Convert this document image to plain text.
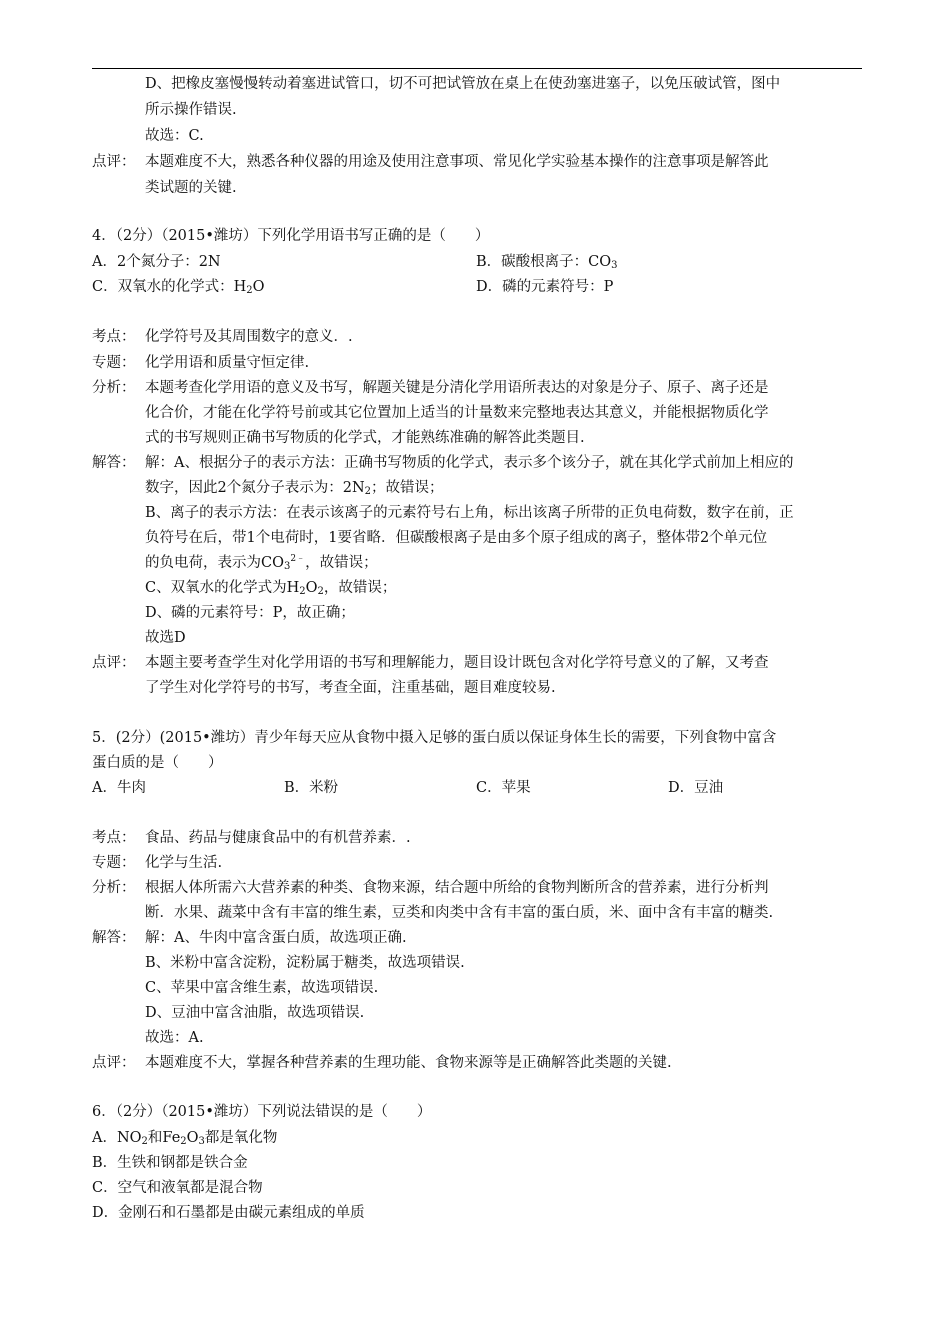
D、把橡皮塞慢慢转动着塞进试管口，切不可把试管放在桌上在使劲塞进塞子，以免压破试管，图中
所示操作错误.
故选：C.
点评： 本题难度不大，熟悉各种仪器的用途及使用注意事项、常见化学实验基本操作的注意事项是解答此
类试题的关键.
4．（2分）（2015•潍坊）下列化学用语书写正确的是（　　）
A．2个氮分子：2N	B．碳酸根离子：$CO_3$
C．双氧水的化学式：$H_2O$	D．磷的元素符号：P
考点： 化学符号及其周围数字的意义．.
专题： 化学用语和质量守恒定律.
分析： 本题考查化学用语的意义及书写，解题关键是分清化学用语所表达的对象是分子、原子、离子还是
化合价，才能在化学符号前或其它位置加上适当的计量数来完整地表达其意义，并能根据物质化学
式的书写规则正确书写物质的化学式，才能熟练准确的解答此类题目.
解答： 解：A、根据分子的表示方法：正确书写物质的化学式，表示多个该分子，就在其化学式前加上相应的
数字，因此2个氮分子表示为：$2N_2$；故错误；
B、离子的表示方法：在表示该离子的元素符号右上角，标出该离子所带的正负电荷数，数字在前，正
负符号在后，带1个电荷时，1要省略．但碳酸根离子是由多个原子组成的离子，整体带2个单元位
的负电荷，表示为$CO_3^{2﹣}$，故错误；
C、双氧水的化学式为$H_2O_2$，故错误；
D、磷的元素符号：P，故正确；
故选D
点评： 本题主要考查学生对化学用语的书写和理解能力，题目设计既包含对化学符号意义的了解，又考查
了学生对化学符号的书写，考查全面，注重基础，题目难度较易.
5．(2分）(2015•潍坊）青少年每天应从食物中摄入足够的蛋白质以保证身体生长的需要，下列食物中富含
蛋白质的是（　　）
A．牛肉	B．米粉	C．苹果	D．豆油
考点： 食品、药品与健康食品中的有机营养素．.
专题： 化学与生活.
分析： 根据人体所需六大营养素的种类、食物来源，结合题中所给的食物判断所含的营养素，进行分析判
断．水果、蔬菜中含有丰富的维生素，豆类和肉类中含有丰富的蛋白质，米、面中含有丰富的糖类.
解答： 解：A、牛肉中富含蛋白质，故选项正确.
B、米粉中富含淀粉，淀粉属于糖类，故选项错误.
C、苹果中富含维生素，故选项错误.
D、豆油中富含油脂，故选项错误.
故选：A.
点评： 本题难度不大，掌握各种营养素的生理功能、食物来源等是正确解答此类题的关键.
6．（2分）（2015•潍坊）下列说法错误的是（　　）
A．$NO_2$和$Fe_2O_3$都是氧化物
B．生铁和钢都是铁合金
C．空气和液氧都是混合物
D．金刚石和石墨都是由碳元素组成的单质
